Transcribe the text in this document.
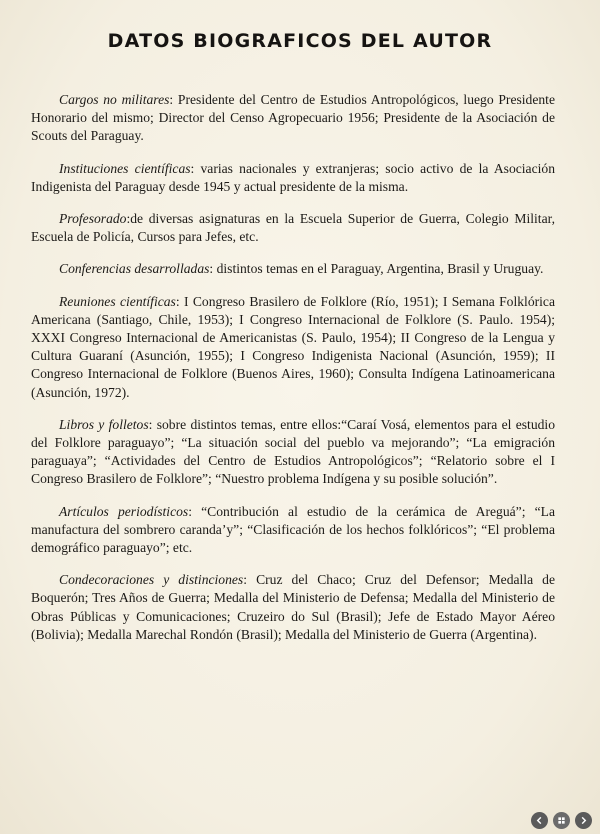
DATOS BIOGRAFICOS DEL AUTOR

Cargos no militares: Presidente del Centro de Estudios Antropológicos, luego Presidente Honorario del mismo; Director del Censo Agropecuario 1956; Presidente de la Asociación de Scouts del Paraguay.

Instituciones científicas: varias nacionales y extranjeras; socio activo de la Asociación Indigenista del Paraguay desde 1945 y actual presidente de la misma.

Profesorado:de diversas asignaturas en la Escuela Superior de Guerra, Colegio Militar, Escuela de Policía, Cursos para Jefes, etc.

Conferencias desarrolladas: distintos temas en el Paraguay, Argentina, Brasil y Uruguay.

Reuniones científicas: I Congreso Brasilero de Folklore (Río, 1951); I Semana Folklórica Americana (Santiago, Chile, 1953); I Congreso Internacional de Folklore (S. Paulo. 1954); XXXI Congreso Internacional de Americanistas (S. Paulo, 1954); II Congreso de la Lengua y Cultura Guaraní (Asunción, 1955); I Congreso Indigenista Nacional (Asunción, 1959); II Congreso Internacional de Folklore (Buenos Aires, 1960); Consulta Indígena Latinoamericana (Asunción, 1972).

Libros y folletos: sobre distintos temas, entre ellos:“Caraí Vosá, elementos para el estudio del Folklore paraguayo”; “La situación social del pueblo va mejorando”; “La emigración paraguaya”; “Actividades del Centro de Estudios Antropológicos”; “Relatorio sobre el I Congreso Brasilero de Folklore”; “Nuestro problema Indígena y su posible solución”.

Artículos periodísticos: “Contribución al estudio de la cerámica de Areguá”; “La manufactura del sombrero caranda’y”; “Clasificación de los hechos folklóricos”; “El problema demográfico paraguayo”; etc.

Condecoraciones y distinciones: Cruz del Chaco; Cruz del Defensor; Medalla de Boquerón; Tres Años de Guerra; Medalla del Ministerio de Defensa; Medalla del Ministerio de Obras Públicas y Comunicaciones; Cruzeiro do Sul (Brasil); Jefe de Estado Mayor Aéreo (Bolivia); Medalla Marechal Rondón (Brasil); Medalla del Ministerio de Guerra (Argentina).
